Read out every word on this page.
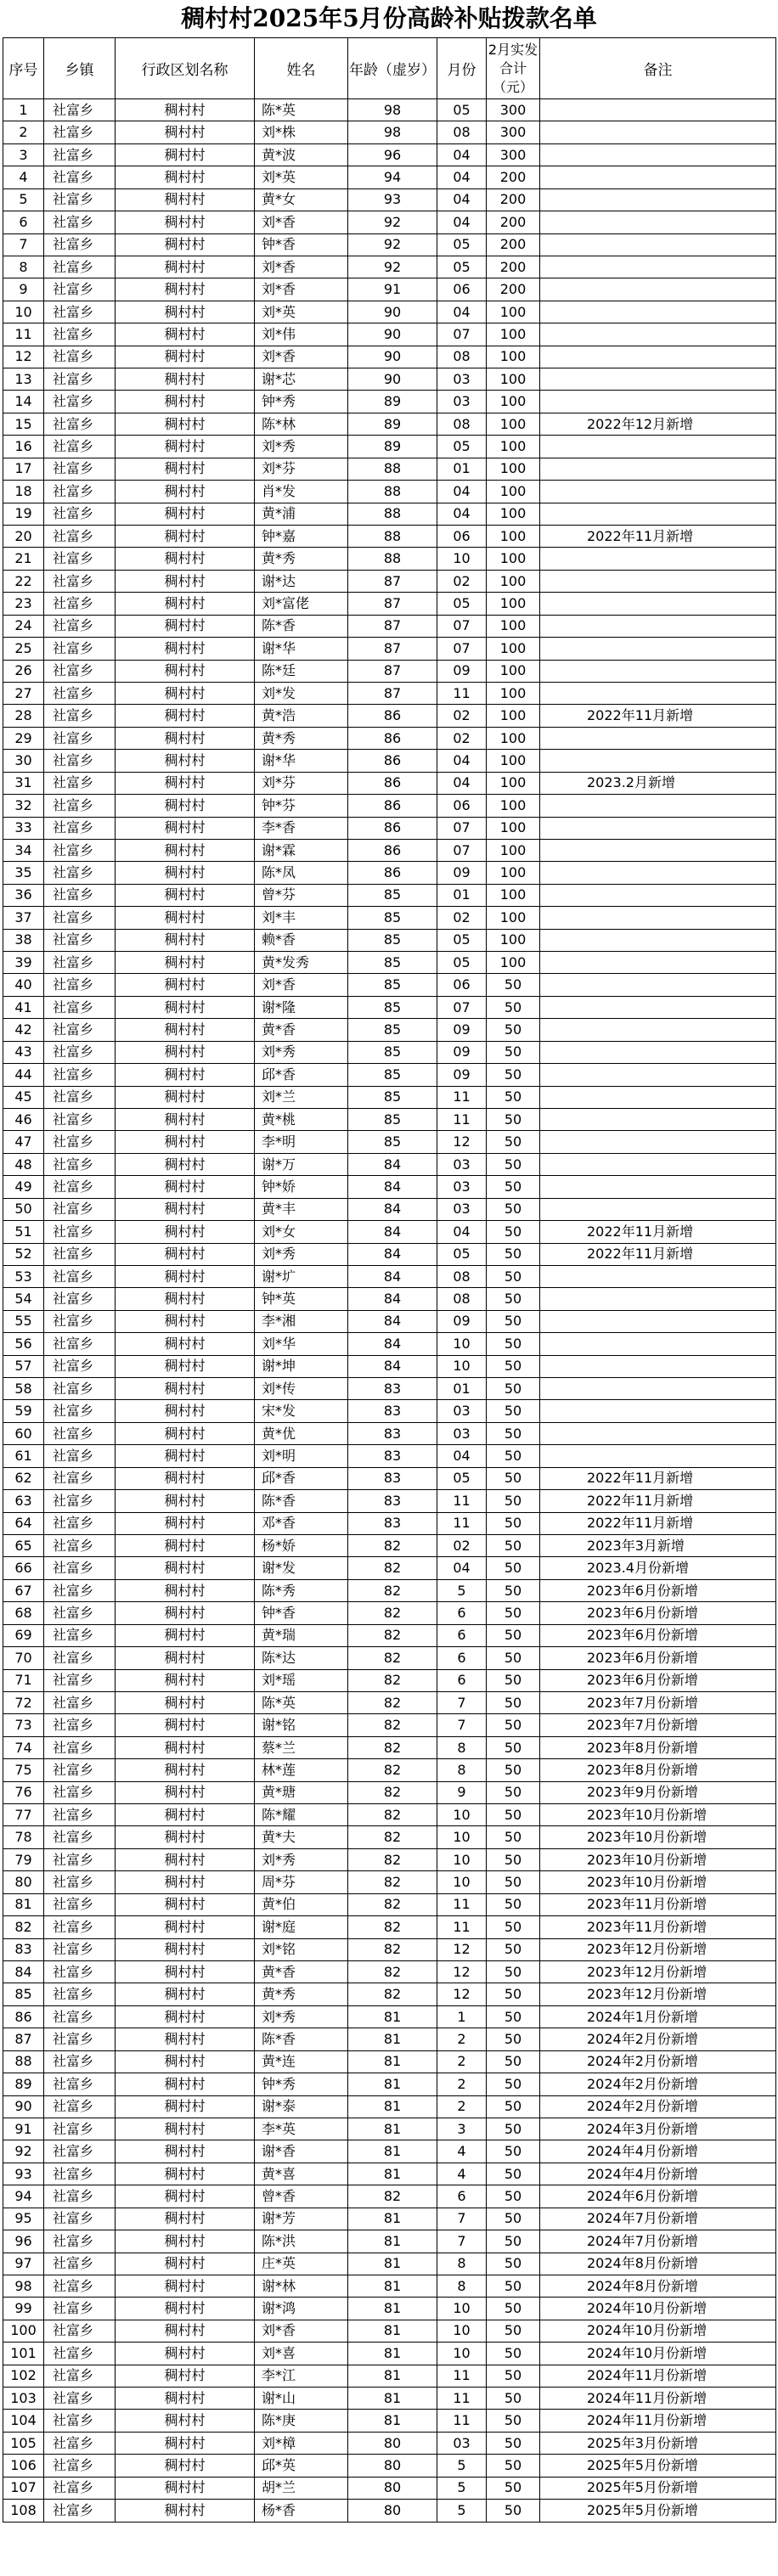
稠村村2025年5月份高龄补贴拨款名单
序号	乡镇	行政区划名称	姓名	年龄（虚岁）	月份	2月实发合计（元）	备注
1	社富乡	稠村村	陈*英	98	05	300	
2	社富乡	稠村村	刘*株	98	08	300	
3	社富乡	稠村村	黄*波	96	04	300	
4	社富乡	稠村村	刘*英	94	04	200	
5	社富乡	稠村村	黄*女	93	04	200	
6	社富乡	稠村村	刘*香	92	04	200	
7	社富乡	稠村村	钟*香	92	05	200	
8	社富乡	稠村村	刘*香	92	05	200	
9	社富乡	稠村村	刘*香	91	06	200	
10	社富乡	稠村村	刘*英	90	04	100	
11	社富乡	稠村村	刘*伟	90	07	100	
12	社富乡	稠村村	刘*香	90	08	100	
13	社富乡	稠村村	谢*芯	90	03	100	
14	社富乡	稠村村	钟*秀	89	03	100	
15	社富乡	稠村村	陈*林	89	08	100	2022年12月新增
16	社富乡	稠村村	刘*秀	89	05	100	
17	社富乡	稠村村	刘*芬	88	01	100	
18	社富乡	稠村村	肖*发	88	04	100	
19	社富乡	稠村村	黄*浦	88	04	100	
20	社富乡	稠村村	钟*嘉	88	06	100	2022年11月新增
21	社富乡	稠村村	黄*秀	88	10	100	
22	社富乡	稠村村	谢*达	87	02	100	
23	社富乡	稠村村	刘*富佬	87	05	100	
24	社富乡	稠村村	陈*香	87	07	100	
25	社富乡	稠村村	谢*华	87	07	100	
26	社富乡	稠村村	陈*廷	87	09	100	
27	社富乡	稠村村	刘*发	87	11	100	
28	社富乡	稠村村	黄*浩	86	02	100	2022年11月新增
29	社富乡	稠村村	黄*秀	86	02	100	
30	社富乡	稠村村	谢*华	86	04	100	
31	社富乡	稠村村	刘*芬	86	04	100	2023.2月新增
32	社富乡	稠村村	钟*芬	86	06	100	
33	社富乡	稠村村	李*香	86	07	100	
34	社富乡	稠村村	谢*霖	86	07	100	
35	社富乡	稠村村	陈*凤	86	09	100	
36	社富乡	稠村村	曾*芬	85	01	100	
37	社富乡	稠村村	刘*丰	85	02	100	
38	社富乡	稠村村	赖*香	85	05	100	
39	社富乡	稠村村	黄*发秀	85	05	100	
40	社富乡	稠村村	刘*香	85	06	50	
41	社富乡	稠村村	谢*隆	85	07	50	
42	社富乡	稠村村	黄*香	85	09	50	
43	社富乡	稠村村	刘*秀	85	09	50	
44	社富乡	稠村村	邱*香	85	09	50	
45	社富乡	稠村村	刘*兰	85	11	50	
46	社富乡	稠村村	黄*桃	85	11	50	
47	社富乡	稠村村	李*明	85	12	50	
48	社富乡	稠村村	谢*万	84	03	50	
49	社富乡	稠村村	钟*娇	84	03	50	
50	社富乡	稠村村	黄*丰	84	03	50	
51	社富乡	稠村村	刘*女	84	04	50	2022年11月新增
52	社富乡	稠村村	刘*秀	84	05	50	2022年11月新增
53	社富乡	稠村村	谢*圹	84	08	50	
54	社富乡	稠村村	钟*英	84	08	50	
55	社富乡	稠村村	李*湘	84	09	50	
56	社富乡	稠村村	刘*华	84	10	50	
57	社富乡	稠村村	谢*坤	84	10	50	
58	社富乡	稠村村	刘*传	83	01	50	
59	社富乡	稠村村	宋*发	83	03	50	
60	社富乡	稠村村	黄*优	83	03	50	
61	社富乡	稠村村	刘*明	83	04	50	
62	社富乡	稠村村	邱*香	83	05	50	2022年11月新增
63	社富乡	稠村村	陈*香	83	11	50	2022年11月新增
64	社富乡	稠村村	邓*香	83	11	50	2022年11月新增
65	社富乡	稠村村	杨*娇	82	02	50	2023年3月新增
66	社富乡	稠村村	谢*发	82	04	50	2023.4月份新增
67	社富乡	稠村村	陈*秀	82	5	50	2023年6月份新增
68	社富乡	稠村村	钟*香	82	6	50	2023年6月份新增
69	社富乡	稠村村	黄*瑞	82	6	50	2023年6月份新增
70	社富乡	稠村村	陈*达	82	6	50	2023年6月份新增
71	社富乡	稠村村	刘*瑶	82	6	50	2023年6月份新增
72	社富乡	稠村村	陈*英	82	7	50	2023年7月份新增
73	社富乡	稠村村	谢*铭	82	7	50	2023年7月份新增
74	社富乡	稠村村	蔡*兰	82	8	50	2023年8月份新增
75	社富乡	稠村村	林*莲	82	8	50	2023年8月份新增
76	社富乡	稠村村	黄*瑭	82	9	50	2023年9月份新增
77	社富乡	稠村村	陈*耀	82	10	50	2023年10月份新增
78	社富乡	稠村村	黄*夫	82	10	50	2023年10月份新增
79	社富乡	稠村村	刘*秀	82	10	50	2023年10月份新增
80	社富乡	稠村村	周*芬	82	10	50	2023年10月份新增
81	社富乡	稠村村	黄*伯	82	11	50	2023年11月份新增
82	社富乡	稠村村	谢*庭	82	11	50	2023年11月份新增
83	社富乡	稠村村	刘*铭	82	12	50	2023年12月份新增
84	社富乡	稠村村	黄*香	82	12	50	2023年12月份新增
85	社富乡	稠村村	黄*秀	82	12	50	2023年12月份新增
86	社富乡	稠村村	刘*秀	81	1	50	2024年1月份新增
87	社富乡	稠村村	陈*香	81	2	50	2024年2月份新增
88	社富乡	稠村村	黄*连	81	2	50	2024年2月份新增
89	社富乡	稠村村	钟*秀	81	2	50	2024年2月份新增
90	社富乡	稠村村	谢*泰	81	2	50	2024年2月份新增
91	社富乡	稠村村	李*英	81	3	50	2024年3月份新增
92	社富乡	稠村村	谢*香	81	4	50	2024年4月份新增
93	社富乡	稠村村	黄*喜	81	4	50	2024年4月份新增
94	社富乡	稠村村	曾*香	82	6	50	2024年6月份新增
95	社富乡	稠村村	谢*芳	81	7	50	2024年7月份新增
96	社富乡	稠村村	陈*洪	81	7	50	2024年7月份新增
97	社富乡	稠村村	庄*英	81	8	50	2024年8月份新增
98	社富乡	稠村村	谢*林	81	8	50	2024年8月份新增
99	社富乡	稠村村	谢*鸿	81	10	50	2024年10月份新增
100	社富乡	稠村村	刘*香	81	10	50	2024年10月份新增
101	社富乡	稠村村	刘*喜	81	10	50	2024年10月份新增
102	社富乡	稠村村	李*江	81	11	50	2024年11月份新增
103	社富乡	稠村村	谢*山	81	11	50	2024年11月份新增
104	社富乡	稠村村	陈*庚	81	11	50	2024年11月份新增
105	社富乡	稠村村	刘*樟	80	03	50	2025年3月份新增
106	社富乡	稠村村	邱*英	80	5	50	2025年5月份新增
107	社富乡	稠村村	胡*兰	80	5	50	2025年5月份新增
108	社富乡	稠村村	杨*香	80	5	50	2025年5月份新增
